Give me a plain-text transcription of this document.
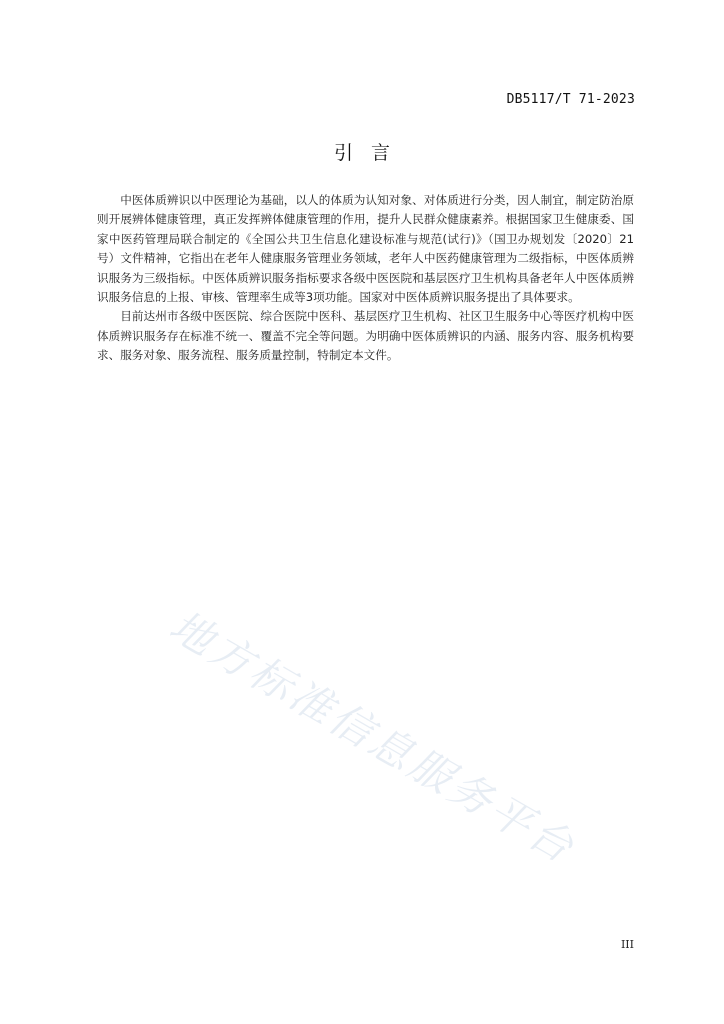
DB5117/T 71-2023
引言

中医体质辨识以中医理论为基础，以人的体质为认知对象、对体质进行分类，因人制宜，制定防治原则开展辨体健康管理，真正发挥辨体健康管理的作用，提升人民群众健康素养。根据国家卫生健康委、国家中医药管理局联合制定的《全国公共卫生信息化建设标准与规范(试行)》（国卫办规划发〔2020〕21号）文件精神，它指出在老年人健康服务管理业务领域，老年人中医药健康管理为二级指标，中医体质辨识服务为三级指标。中医体质辨识服务指标要求各级中医医院和基层医疗卫生机构具备老年人中医体质辨识服务信息的上报、审核、管理率生成等3项功能。国家对中医体质辨识服务提出了具体要求。

目前达州市各级中医医院、综合医院中医科、基层医疗卫生机构、社区卫生服务中心等医疗机构中医体质辨识服务存在标准不统一、覆盖不完全等问题。为明确中医体质辨识的内涵、服务内容、服务机构要求、服务对象、服务流程、服务质量控制，特制定本文件。

地方标准信息服务平台
III
